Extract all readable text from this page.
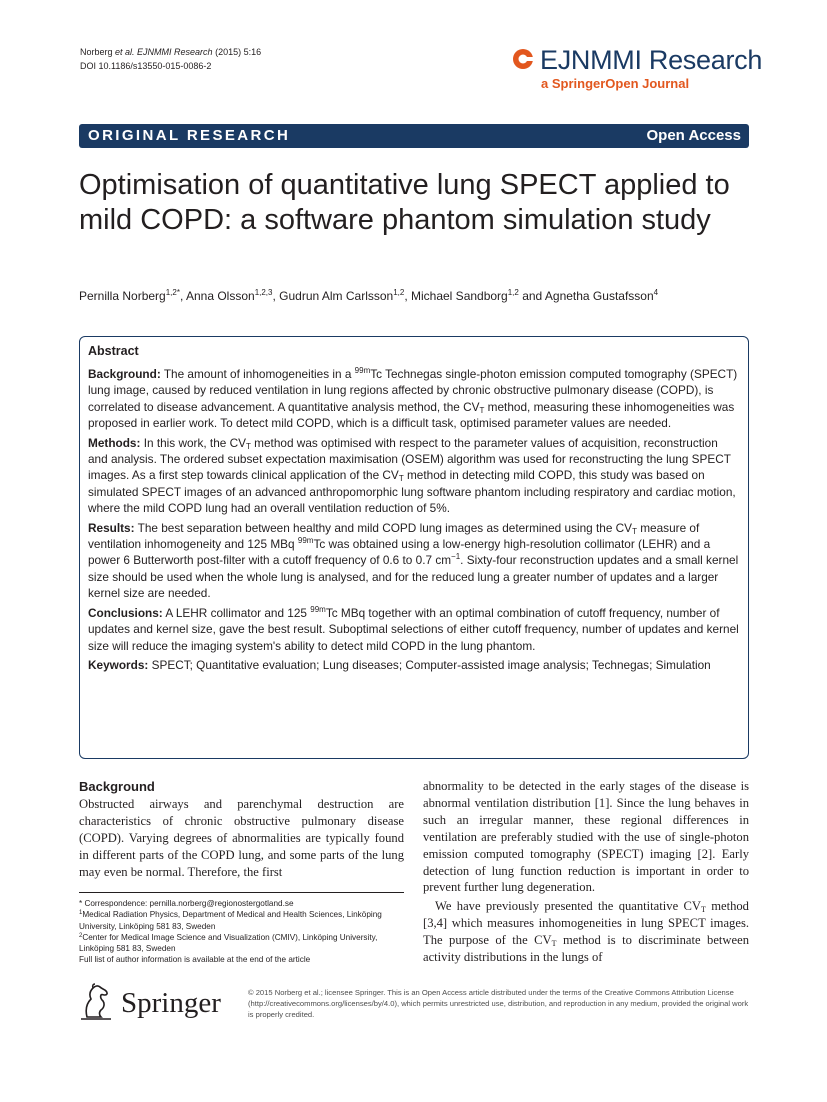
Norberg et al. EJNMMI Research (2015) 5:16
DOI 10.1186/s13550-015-0086-2	EJNMMI Research
a SpringerOpen Journal
ORIGINAL RESEARCH	Open Access
Optimisation of quantitative lung SPECT applied to mild COPD: a software phantom simulation study
Pernilla Norberg$^{1,2*}$, Anna Olsson$^{1,2,3}$, Gudrun Alm Carlsson$^{1,2}$, Michael Sandborg$^{1,2}$ and Agnetha Gustafsson$^4$
Abstract

Background: The amount of inhomogeneities in a $^{99m}$Tc Technegas single-photon emission computed tomography (SPECT) lung image, caused by reduced ventilation in lung regions affected by chronic obstructive pulmonary disease (COPD), is correlated to disease advancement. A quantitative analysis method, the $CV_T$ method, measuring these inhomogeneities was proposed in earlier work. To detect mild COPD, which is a difficult task, optimised parameter values are needed.

Methods: In this work, the $CV_T$ method was optimised with respect to the parameter values of acquisition, reconstruction and analysis. The ordered subset expectation maximisation (OSEM) algorithm was used for reconstructing the lung SPECT images. As a first step towards clinical application of the $CV_T$ method in detecting mild COPD, this study was based on simulated SPECT images of an advanced anthropomorphic lung software phantom including respiratory and cardiac motion, where the mild COPD lung had an overall ventilation reduction of 5%.

Results: The best separation between healthy and mild COPD lung images as determined using the $CV_T$ measure of ventilation inhomogeneity and 125 MBq $^{99m}$Tc was obtained using a low-energy high-resolution collimator (LEHR) and a power 6 Butterworth post-filter with a cutoff frequency of 0.6 to 0.7 $cm^{-1}$. Sixty-four reconstruction updates and a small kernel size should be used when the whole lung is analysed, and for the reduced lung a greater number of updates and a larger kernel size are needed.

Conclusions: A LEHR collimator and 125 $^{99m}$Tc MBq together with an optimal combination of cutoff frequency, number of updates and kernel size, gave the best result. Suboptimal selections of either cutoff frequency, number of updates and kernel size will reduce the imaging system's ability to detect mild COPD in the lung phantom.

Keywords: SPECT; Quantitative evaluation; Lung diseases; Computer-assisted image analysis; Technegas; Simulation

Background

Obstructed airways and parenchymal destruction are characteristics of chronic obstructive pulmonary disease (COPD). Varying degrees of abnormalities are typically found in different parts of the COPD lung, and some parts of the lung may even be normal. Therefore, the first

abnormality to be detected in the early stages of the disease is abnormal ventilation distribution [1]. Since the lung behaves in such an irregular manner, these regional differences in ventilation are preferably studied with the use of single-photon emission computed tomography (SPECT) imaging [2]. Early detection of lung function reduction is important in order to prevent further lung degeneration.

We have previously presented the quantitative $CV_T$ method [3,4] which measures inhomogeneities in lung SPECT images. The purpose of the $CV_T$ method is to discriminate between activity distributions in the lungs of

* Correspondence: pernilla.norberg@regionostergotland.se
$^1$Medical Radiation Physics, Department of Medical and Health Sciences, Linköping University, Linköping 581 83, Sweden
$^2$Center for Medical Image Science and Visualization (CMIV), Linköping University, Linköping 581 83, Sweden
Full list of author information is available at the end of the article
Springer	© 2015 Norberg et al.; licensee Springer. This is an Open Access article distributed under the terms of the Creative Commons Attribution License (http://creativecommons.org/licenses/by/4.0), which permits unrestricted use, distribution, and reproduction in any medium, provided the original work is properly credited.
